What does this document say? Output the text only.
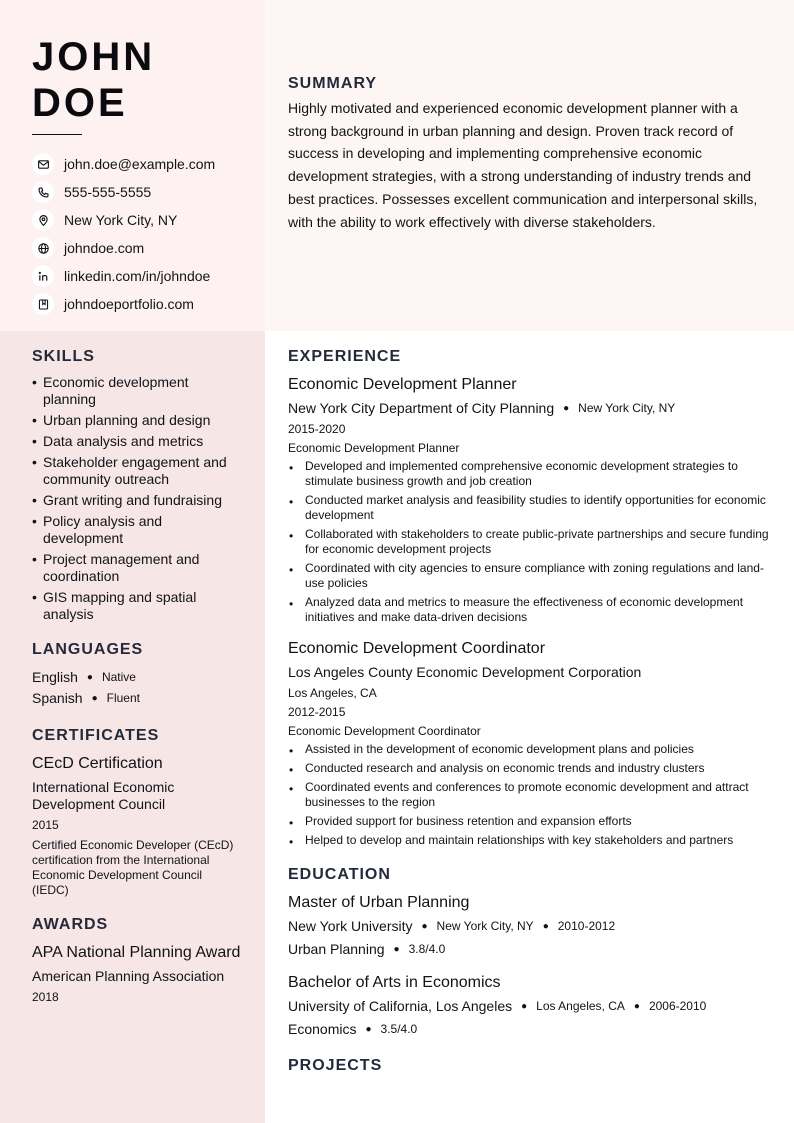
JOHN
DOE
john.doe@example.com
555-555-5555
New York City, NY
johndoe.com
linkedin.com/in/johndoe
johndoeportfolio.com
SUMMARY

Highly motivated and experienced economic development planner with a strong background in urban planning and design. Proven track record of success in developing and implementing comprehensive economic development strategies, with a strong understanding of industry trends and best practices. Possesses excellent communication and interpersonal skills, with the ability to work effectively with diverse stakeholders.

SKILLS
• Economic development planning
• Urban planning and design
• Data analysis and metrics
• Stakeholder engagement and community outreach
• Grant writing and fundraising
• Policy analysis and development
• Project management and coordination
• GIS mapping and spatial analysis
LANGUAGES
English ● Native
Spanish ● Fluent
CERTIFICATES
CEcD Certification
International Economic Development Council
2015
Certified Economic Developer (CEcD) certification from the International Economic Development Council (IEDC)
AWARDS
APA National Planning Award
American Planning Association
2018
EXPERIENCE
Economic Development Planner
New York City Department of City Planning ● New York City, NY
2015-2020
Economic Development Planner
• Developed and implemented comprehensive economic development strategies to stimulate business growth and job creation
• Conducted market analysis and feasibility studies to identify opportunities for economic development
• Collaborated with stakeholders to create public-private partnerships and secure funding for economic development projects
• Coordinated with city agencies to ensure compliance with zoning regulations and land-use policies
• Analyzed data and metrics to measure the effectiveness of economic development initiatives and make data-driven decisions
Economic Development Coordinator
Los Angeles County Economic Development Corporation
Los Angeles, CA
2012-2015
Economic Development Coordinator
• Assisted in the development of economic development plans and policies
• Conducted research and analysis on economic trends and industry clusters
• Coordinated events and conferences to promote economic development and attract businesses to the region
• Provided support for business retention and expansion efforts
• Helped to develop and maintain relationships with key stakeholders and partners
EDUCATION
Master of Urban Planning
New York University ● New York City, NY ● 2010-2012
Urban Planning ● 3.8/4.0
Bachelor of Arts in Economics
University of California, Los Angeles ● Los Angeles, CA ● 2006-2010
Economics ● 3.5/4.0
PROJECTS
